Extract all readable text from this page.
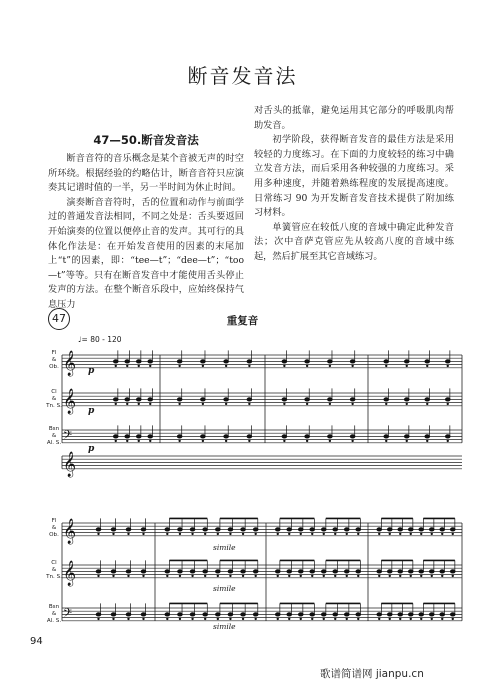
断音发音法
47—50.断音发音法

断音音符的音乐概念是某个音被无声的时空所环绕。根据经验的约略估计，断音音符只应演奏其记谱时值的一半，另一半时间为休止时间。

演奏断音音符时，舌的位置和动作与前面学过的普通发音法相同，不同之处是：舌头要返回开始演奏的位置以便停止音的发声。其可行的具体化作法是：在开始发音使用的因素的末尾加上“t”的因素，即：“tee—t”；“dee—t”；“too—t”等等。只有在断音发音中才能使用舌头停止发声的方法。在整个断音乐段中，应始终保持气息压力

对舌头的抵靠，避免运用其它部分的呼吸肌肉帮助发音。

初学阶段，获得断音发音的最佳方法是采用较轻的力度练习。在下面的力度较轻的练习中确立发音方法，而后采用各种较强的力度练习。采用多种速度，并随着熟练程度的发展提高速度。日常练习 90 为开发断音发音技术提供了附加练习材料。

单簧管应在较低八度的音域中确定此种发音法；次中音萨克管应先从较高八度的音域中练起，然后扩展至其它音域练习。

47	重复音
♩= 80 - 120
Fl
&
Ob.
Cl
&
Tn. S.
Bsn
&
Al. S.
Fl
&
Ob.
Cl
&
Tn. S.
Bsn
&
Al. S.
p
p
p
simile
simile
simile
𝄞
𝄞
𝄢
𝄞
𝄞
𝄞
𝄢
94
歌谱简谱网 jianpu.cn
